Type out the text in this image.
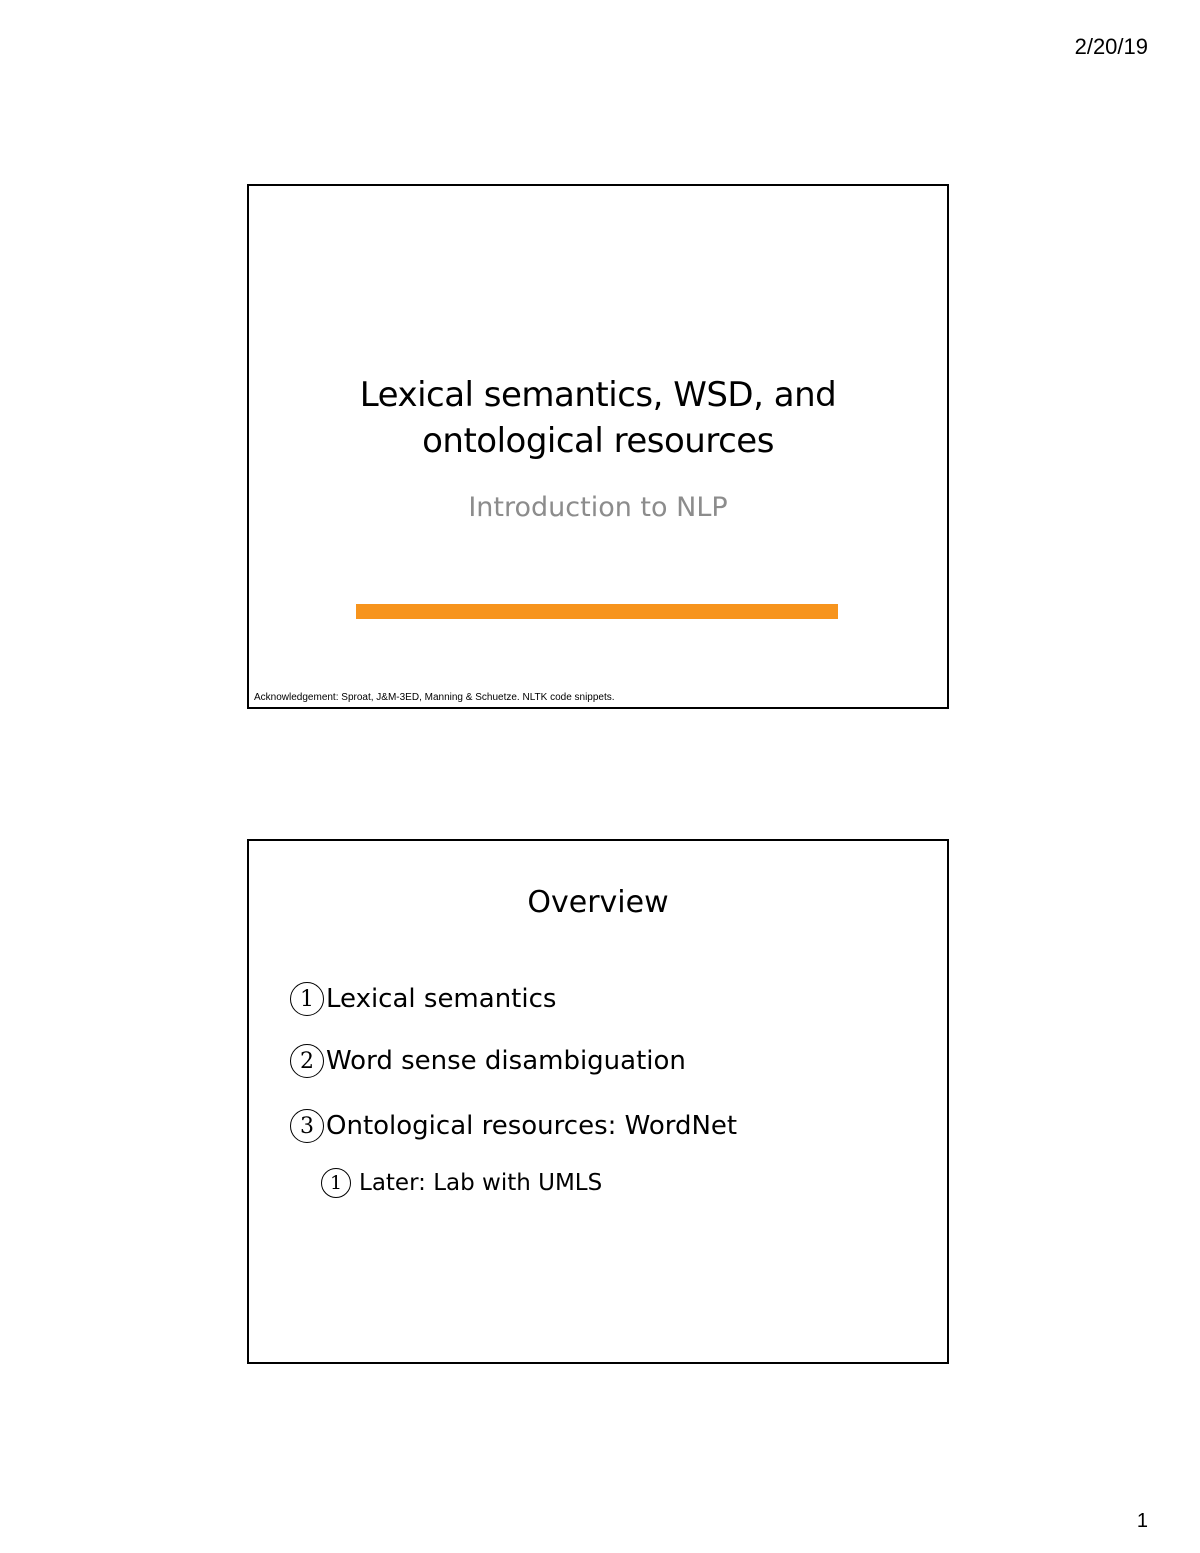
2/20/19
Lexical semantics, WSD, and
ontological resources
Introduction to NLP
Acknowledgement: Sproat, J&M-3ED, Manning & Schuetze. NLTK code snippets.
Overview
1 Lexical semantics
2 Word sense disambiguation
3 Ontological resources: WordNet
1 Later: Lab with UMLS
1
